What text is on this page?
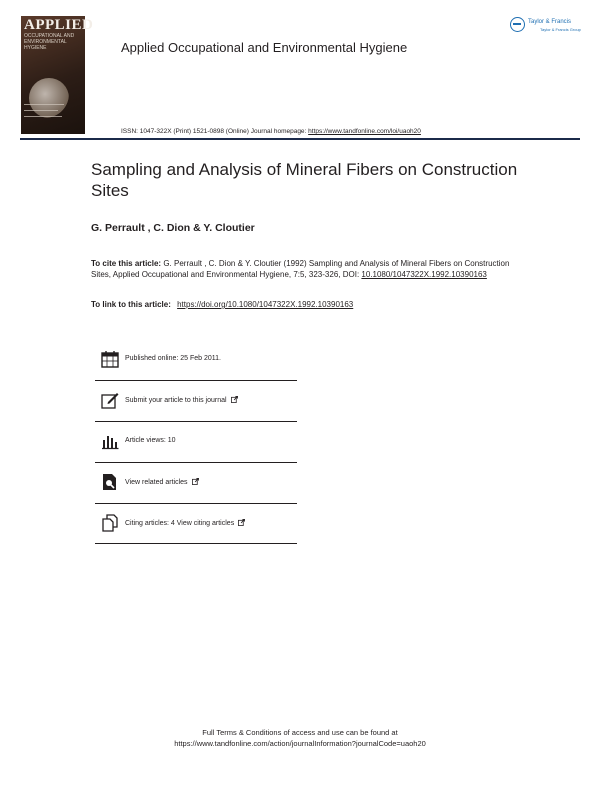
APPLIED
OCCUPATIONAL AND ENVIRONMENTAL HYGIENE	Applied Occupational and Environmental Hygiene
Taylor & Francis
Taylor & Francis Group
ISSN: 1047-322X (Print) 1521-0898 (Online) Journal homepage: https://www.tandfonline.com/loi/uaoh20
Sampling and Analysis of Mineral Fibers on Construction Sites
G. Perrault , C. Dion & Y. Cloutier
To cite this article: G. Perrault , C. Dion & Y. Cloutier (1992) Sampling and Analysis of Mineral Fibers on Construction Sites, Applied Occupational and Environmental Hygiene, 7:5, 323-326, DOI: 10.1080/1047322X.1992.10390163
To link to this article: https://doi.org/10.1080/1047322X.1992.10390163
Published online: 25 Feb 2011.
Submit your article to this journal
Article views: 10
View related articles
Citing articles: 4 View citing articles
Full Terms & Conditions of access and use can be found at
https://www.tandfonline.com/action/journalInformation?journalCode=uaoh20
